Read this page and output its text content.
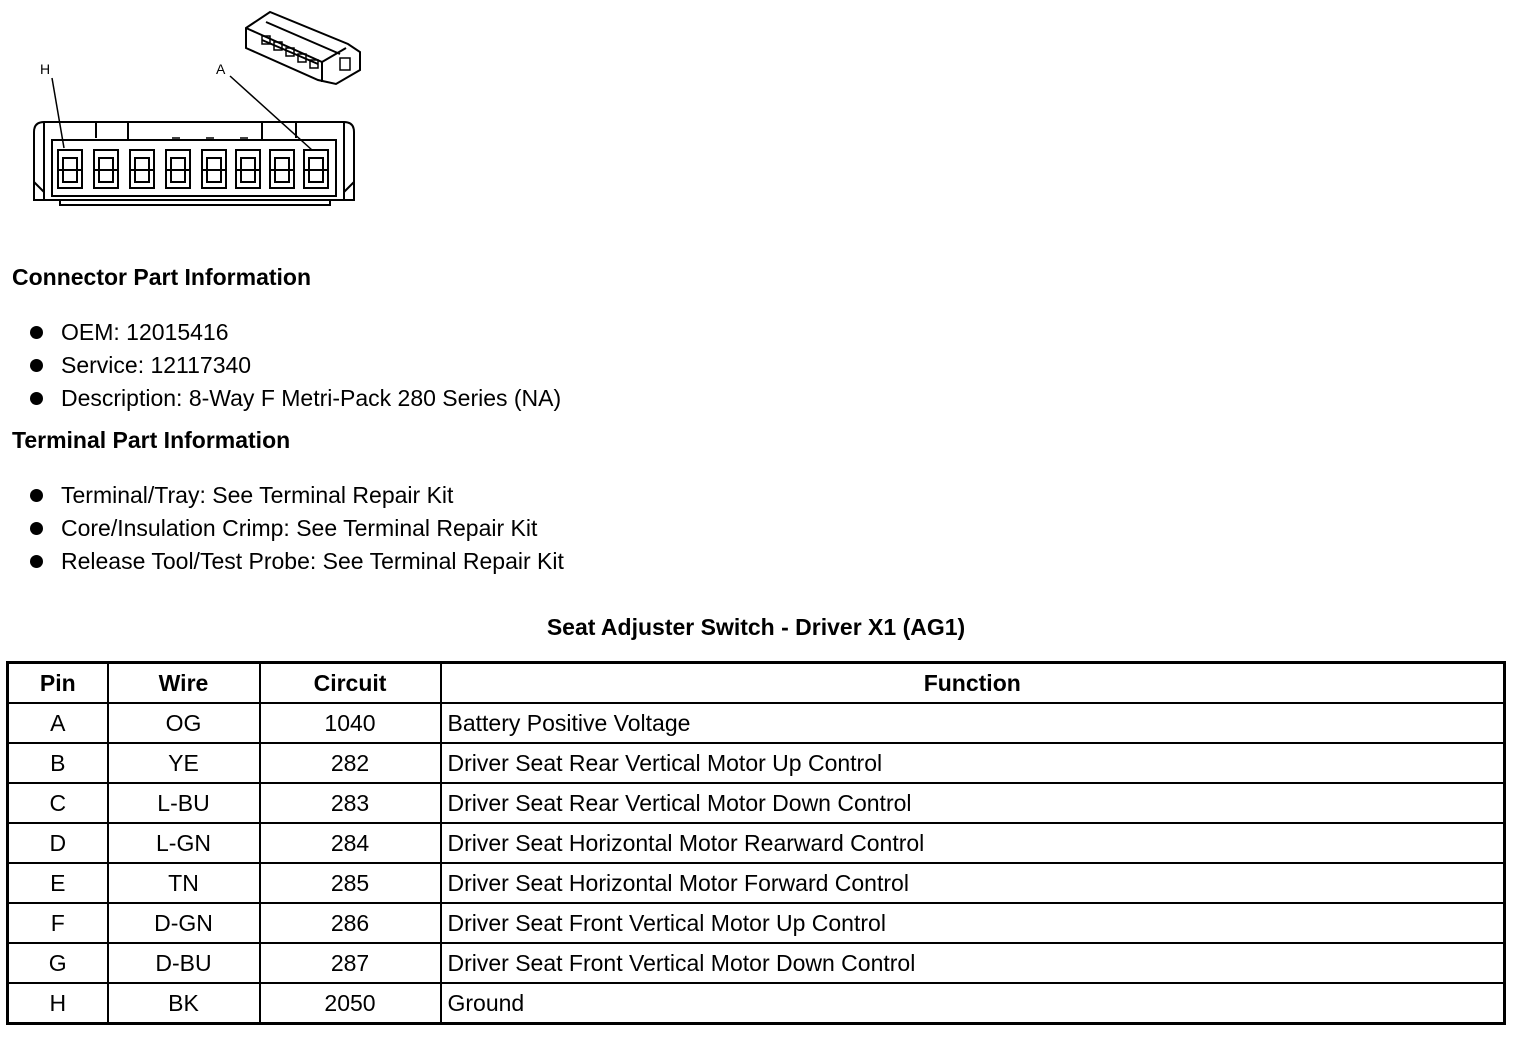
H	A
Connector Part Information
OEM: 12015416
Service: 12117340
Description: 8-Way F Metri-Pack 280 Series (NA)
Terminal Part Information
Terminal/Tray: See Terminal Repair Kit
Core/Insulation Crimp: See Terminal Repair Kit
Release Tool/Test Probe: See Terminal Repair Kit
Seat Adjuster Switch - Driver X1 (AG1)
Pin	Wire	Circuit	Function
A	OG	1040	Battery Positive Voltage
B	YE	282	Driver Seat Rear Vertical Motor Up Control
C	L-BU	283	Driver Seat Rear Vertical Motor Down Control
D	L-GN	284	Driver Seat Horizontal Motor Rearward Control
E	TN	285	Driver Seat Horizontal Motor Forward Control
F	D-GN	286	Driver Seat Front Vertical Motor Up Control
G	D-BU	287	Driver Seat Front Vertical Motor Down Control
H	BK	2050	Ground
